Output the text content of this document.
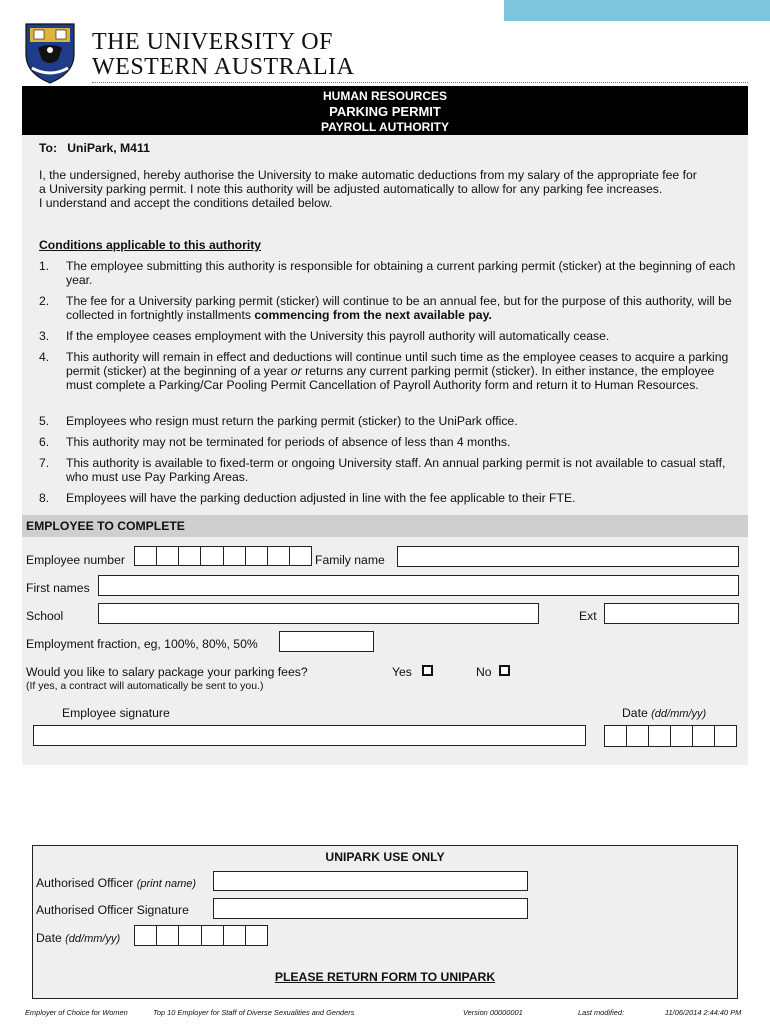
THE UNIVERSITY OF
WESTERN AUSTRALIA
HUMAN RESOURCES
PARKING PERMIT
PAYROLL AUTHORITY
To:   UniPark, M411
I, the undersigned, hereby authorise the University to make automatic deductions from my salary of the appropriate fee for
a University parking permit. I note this authority will be adjusted automatically to allow for any parking fee increases.
I understand and accept the conditions detailed below.
Conditions applicable to this authority
1. The employee submitting this authority is responsible for obtaining a current parking permit (sticker) at the beginning of each year.
2. The fee for a University parking permit (sticker) will continue to be an annual fee, but for the purpose of this authority, will be collected in fortnightly installments commencing from the next available pay.
3. If the employee ceases employment with the University this payroll authority will automatically cease.
4. This authority will remain in effect and deductions will continue until such time as the employee ceases to acquire a parking permit (sticker) at the beginning of a year or returns any current parking permit (sticker). In either instance, the employee must complete a Parking/Car Pooling Permit Cancellation of Payroll Authority form and return it to Human Resources.
5. Employees who resign must return the parking permit (sticker) to the UniPark office.
6. This authority may not be terminated for periods of absence of less than 4 months.
7. This authority is available to fixed-term or ongoing University staff. An annual parking permit is not available to casual staff, who must use Pay Parking Areas.
8. Employees will have the parking deduction adjusted in line with the fee applicable to their FTE.
EMPLOYEE TO COMPLETE
Employee number	Family name
First names
School	Ext
Employment fraction, eg, 100%, 80%, 50%
Would you like to salary package your parking fees?	Yes	No
(If yes, a contract will automatically be sent to you.)
Employee signature	Date (dd/mm/yy)
UNIPARK USE ONLY
Authorised Officer (print name)
Authorised Officer Signature
Date (dd/mm/yy)
PLEASE RETURN FORM TO UNIPARK
Employer of Choice for Women	Top 10 Employer for Staff of Diverse Sexualities and Genders	Version 00000001	Last modified:	11/06/2014 2:44:40 PM
